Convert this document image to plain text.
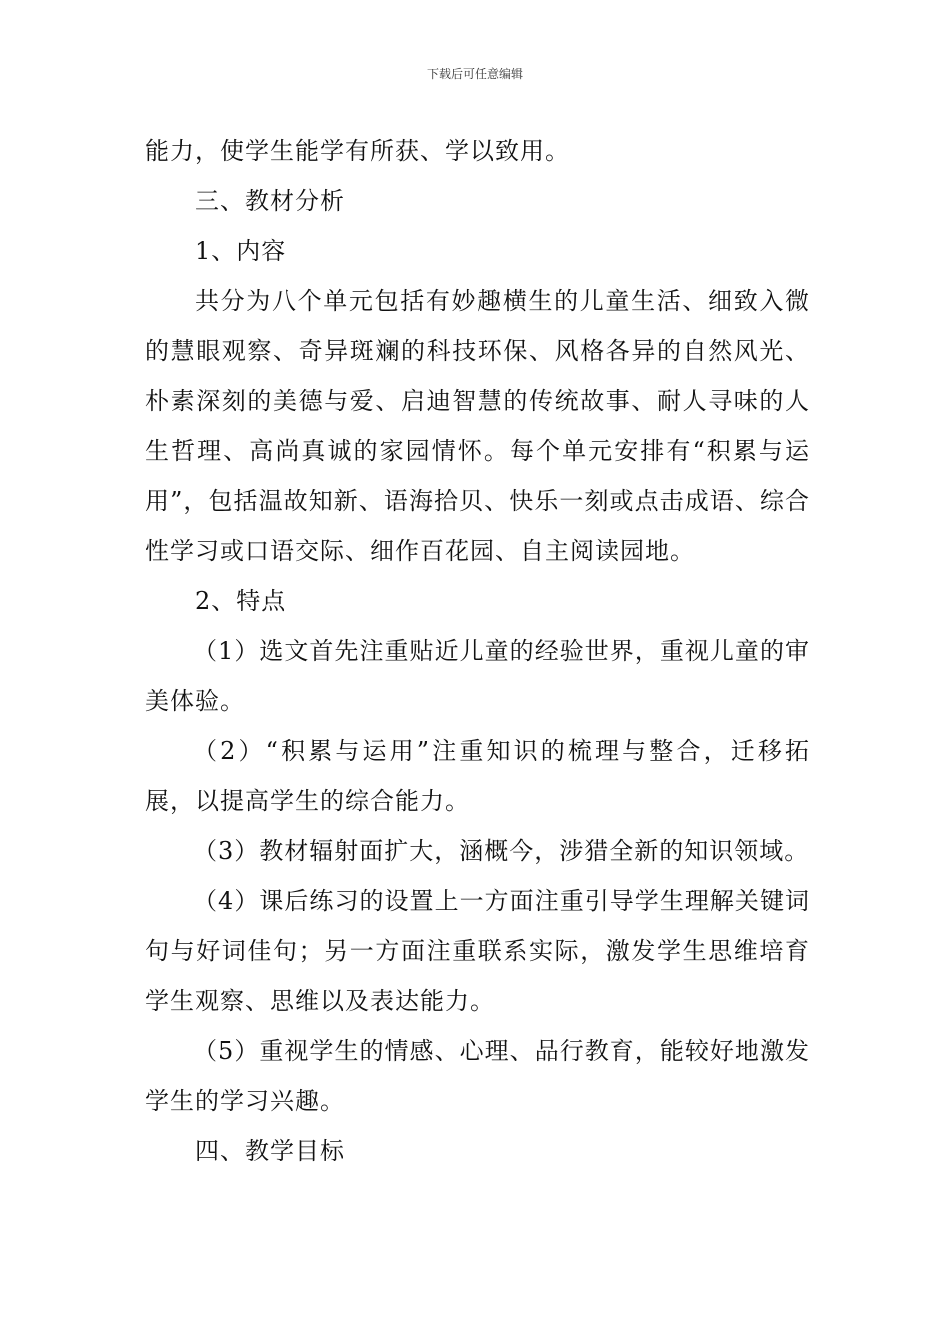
下载后可任意编辑

能力，使学生能学有所获、学以致用。

三、教材分析

1、内容

共分为八个单元包括有妙趣横生的儿童生活、细致入微的慧眼观察、奇异斑斓的科技环保、风格各异的自然风光、朴素深刻的美德与爱、启迪智慧的传统故事、耐人寻味的人生哲理、高尚真诚的家园情怀。每个单元安排有“积累与运用”，包括温故知新、语海拾贝、快乐一刻或点击成语、综合性学习或口语交际、细作百花园、自主阅读园地。

2、特点

（1）选文首先注重贴近儿童的经验世界，重视儿童的审美体验。

（2）“积累与运用”注重知识的梳理与整合，迁移拓展，以提高学生的综合能力。

（3）教材辐射面扩大，涵概今，涉猎全新的知识领域。

（4）课后练习的设置上一方面注重引导学生理解关键词句与好词佳句；另一方面注重联系实际，激发学生思维培育学生观察、思维以及表达能力。

（5）重视学生的情感、心理、品行教育，能较好地激发学生的学习兴趣。

四、教学目标
